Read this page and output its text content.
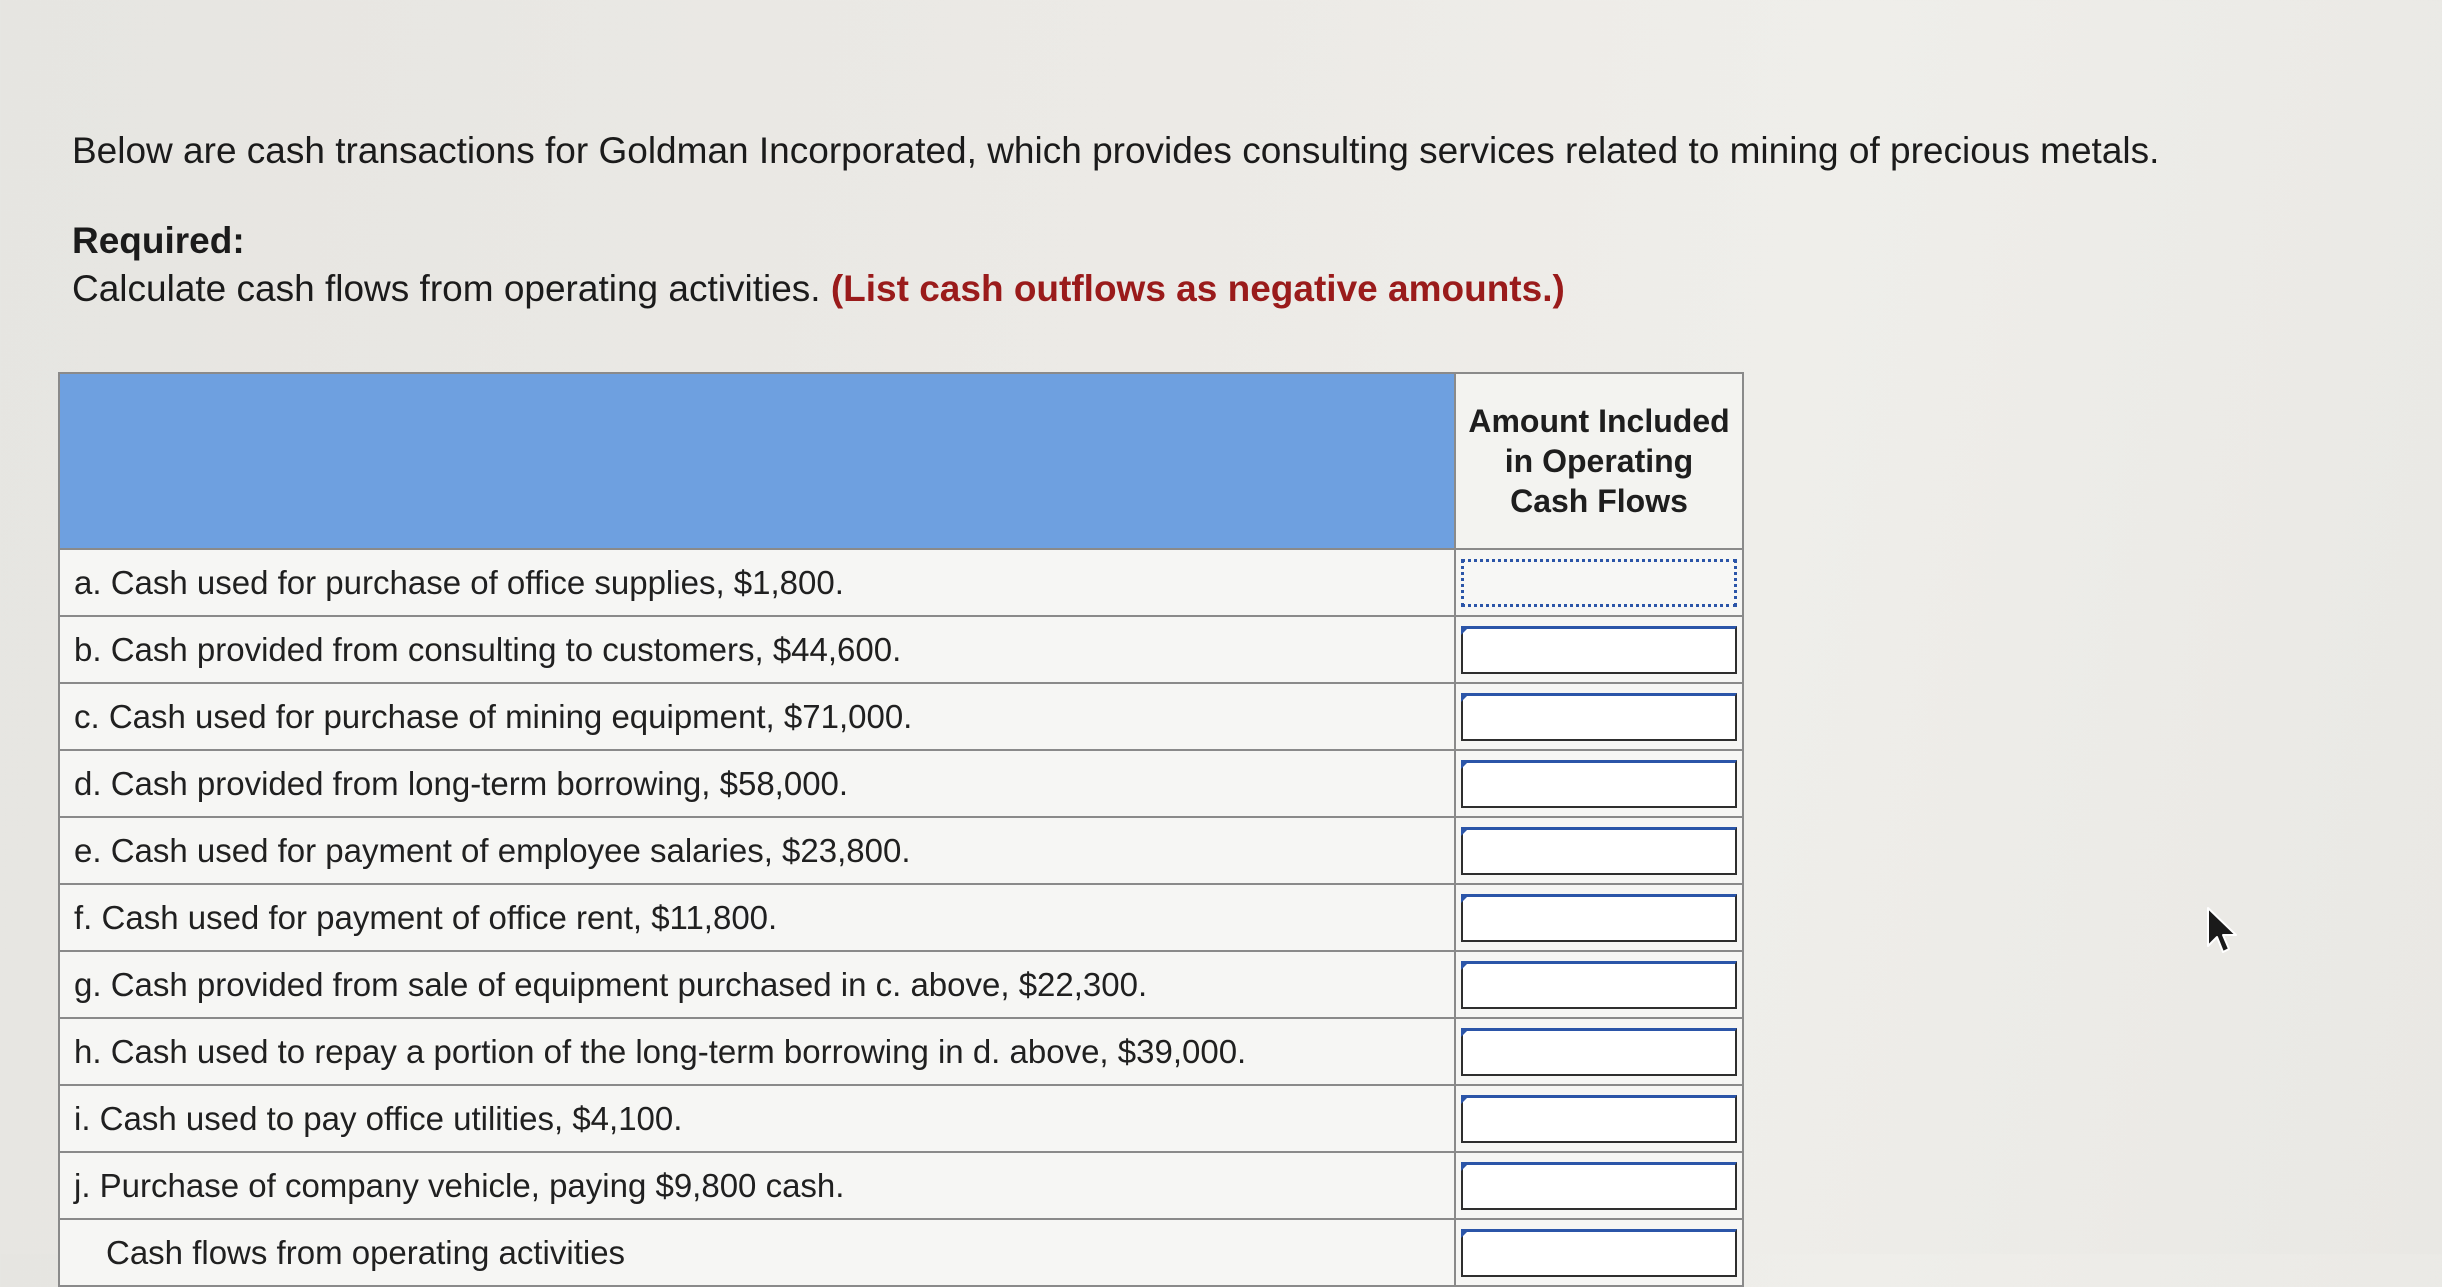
Below are cash transactions for Goldman Incorporated, which provides consulting services related to mining of precious metals.
Required:
Calculate cash flows from operating activities. (List cash outflows as negative amounts.)
	Amount Included in Operating Cash Flows
a. Cash used for purchase of office supplies, $1,800.	

b. Cash provided from consulting to customers, $44,600.	

c. Cash used for purchase of mining equipment, $71,000.	

d. Cash provided from long-term borrowing, $58,000.	

e. Cash used for payment of employee salaries, $23,800.	

f. Cash used for payment of office rent, $11,800.	

g. Cash provided from sale of equipment purchased in c. above, $22,300.	

h. Cash used to repay a portion of the long-term borrowing in d. above, $39,000.	

i. Cash used to pay office utilities, $4,100.	

j. Purchase of company vehicle, paying $9,800 cash.	

Cash flows from operating activities	
